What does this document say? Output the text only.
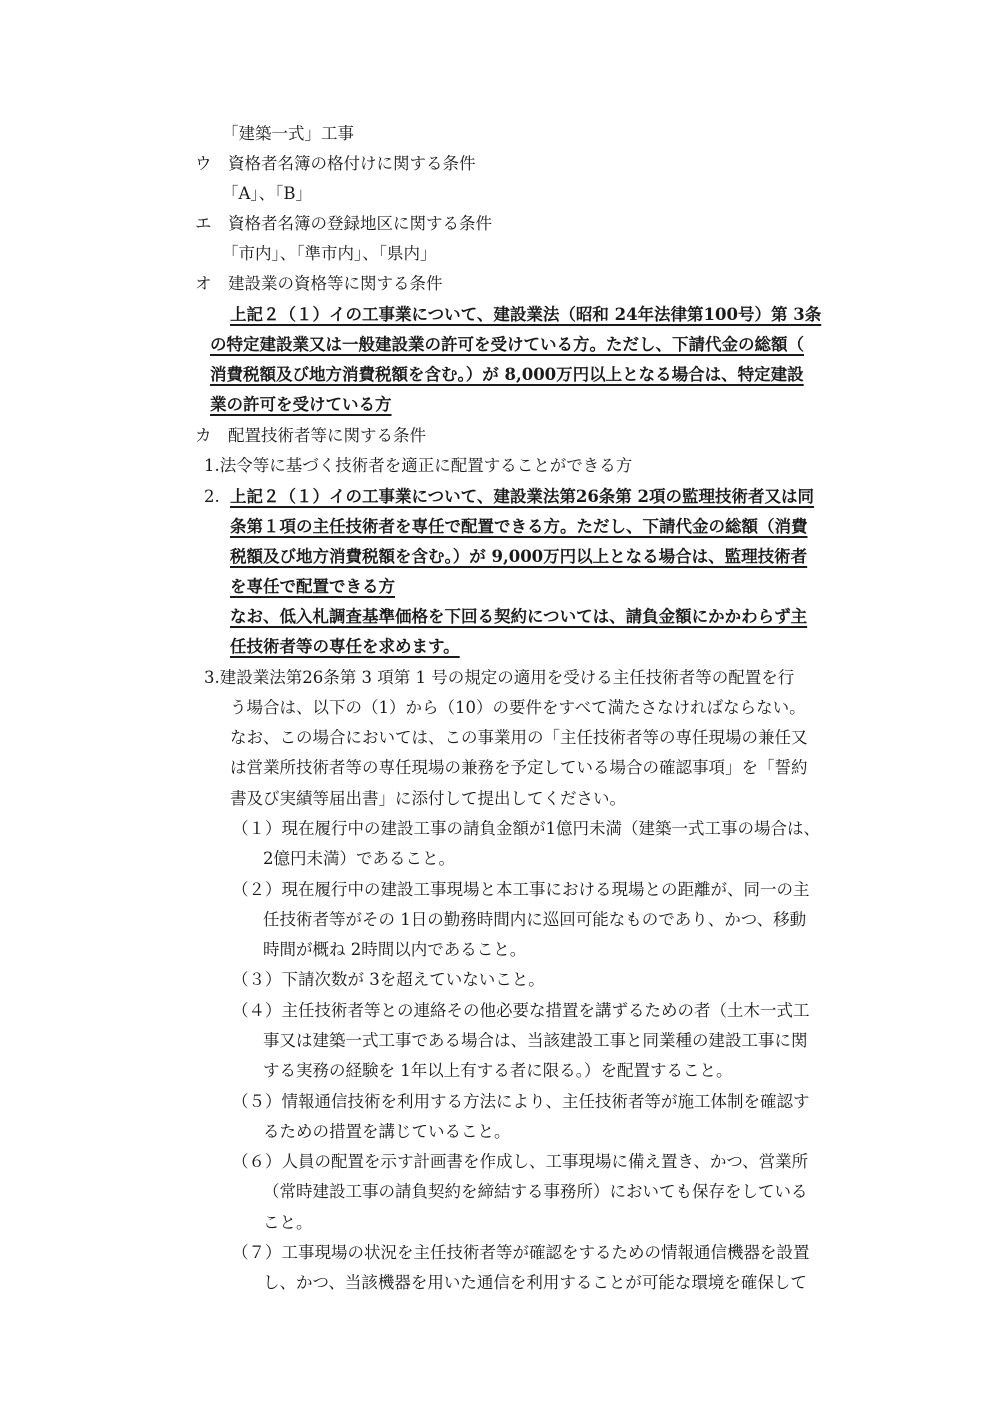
「建築一式」工事
ウ　資格者名簿の格付けに関する条件
「A」、「B」
エ　資格者名簿の登録地区に関する条件
「市内」、「準市内」、「県内」
オ　建設業の資格等に関する条件
上記２（１）イの工事業について、建設業法（昭和 24年法律第100号）第 3条
の特定建設業又は一般建設業の許可を受けている方。ただし、下請代金の総額（
消費税額及び地方消費税額を含む。）が 8,000万円以上となる場合は、特定建設
業の許可を受けている方
カ　配置技術者等に関する条件
1.法令等に基づく技術者を適正に配置することができる方
2. 上記２（１）イの工事業について、建設業法第26条第 2項の監理技術者又は同
条第１項の主任技術者を専任で配置できる方。ただし、下請代金の総額（消費
税額及び地方消費税額を含む。）が 9,000万円以上となる場合は、監理技術者
を専任で配置できる方
なお、低入札調査基準価格を下回る契約については、請負金額にかかわらず主
任技術者等の専任を求めます。
3.建設業法第26条第 3 項第 1 号の規定の適用を受ける主任技術者等の配置を行
う場合は、以下の（1）から（10）の要件をすべて満たさなければならない。
なお、この場合においては、この事業用の「主任技術者等の専任現場の兼任又
は営業所技術者等の専任現場の兼務を予定している場合の確認事項」を「誓約
書及び実績等届出書」に添付して提出してください。
（１）現在履行中の建設工事の請負金額が1億円未満（建築一式工事の場合は、
2億円未満）であること。
（２）現在履行中の建設工事現場と本工事における現場との距離が、同一の主
任技術者等がその 1日の勤務時間内に巡回可能なものであり、かつ、移動
時間が概ね 2時間以内であること。
（３）下請次数が 3を超えていないこと。
（４）主任技術者等との連絡その他必要な措置を講ずるための者（土木一式工
事又は建築一式工事である場合は、当該建設工事と同業種の建設工事に関
する実務の経験を 1年以上有する者に限る。）を配置すること。
（５）情報通信技術を利用する方法により、主任技術者等が施工体制を確認す
るための措置を講じていること。
（６）人員の配置を示す計画書を作成し、工事現場に備え置き、かつ、営業所
（常時建設工事の請負契約を締結する事務所）においても保存をしている
こと。
（７）工事現場の状況を主任技術者等が確認をするための情報通信機器を設置
し、かつ、当該機器を用いた通信を利用することが可能な環境を確保して
